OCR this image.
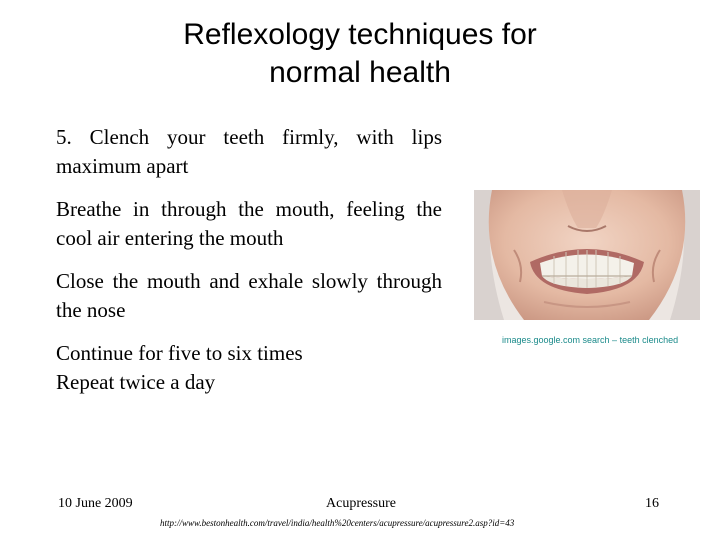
Reflexology techniques for
normal health

5. Clench your teeth firmly, with lips maximum apart

Breathe in through the mouth, feeling the cool air entering the mouth

Close the mouth and exhale slowly through the nose

Continue for five to six times

Repeat twice a day

images.google.com search – teeth clenched
10 June 2009	Acupressure	16
http://www.bestonhealth.com/travel/india/health%20centers/acupressure/acupressure2.asp?id=43
